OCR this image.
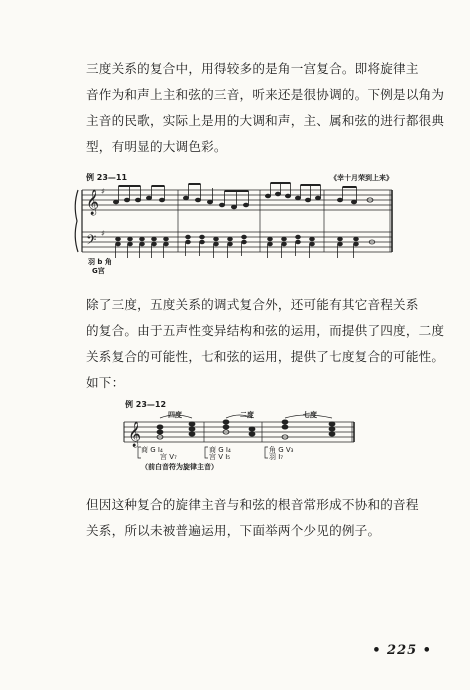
三度关系的复合中，用得较多的是角一宫复合。即将旋律主
音作为和声上主和弦的三音，听来还是很协调的。下例是以角为
主音的民歌，实际上是用的大调和声，主、属和弦的进行都很典
型，有明显的大调色彩。

例 23—11	《幸十月荣到上来》
𝄞
𝄢
♯
♯
羽 b 角
G宫

除了三度，五度关系的调式复合外，还可能有其它音程关系
的复合。由于五声性变异结构和弦的运用，而提供了四度，二度
关系复合的可能性，七和弦的运用，提供了七度复合的可能性。
如下：

例 23—12
四度	二度	七度
𝄞
商 G I₄
宫 V₇
商 G I₄
宫 V I₅
角 G V₃
羽 I₇
（前白音符为旋律主音）

但因这种复合的旋律主音与和弦的根音常形成不协和的音程
关系，所以未被普遍运用，下面举两个少见的例子。

• 225 •
